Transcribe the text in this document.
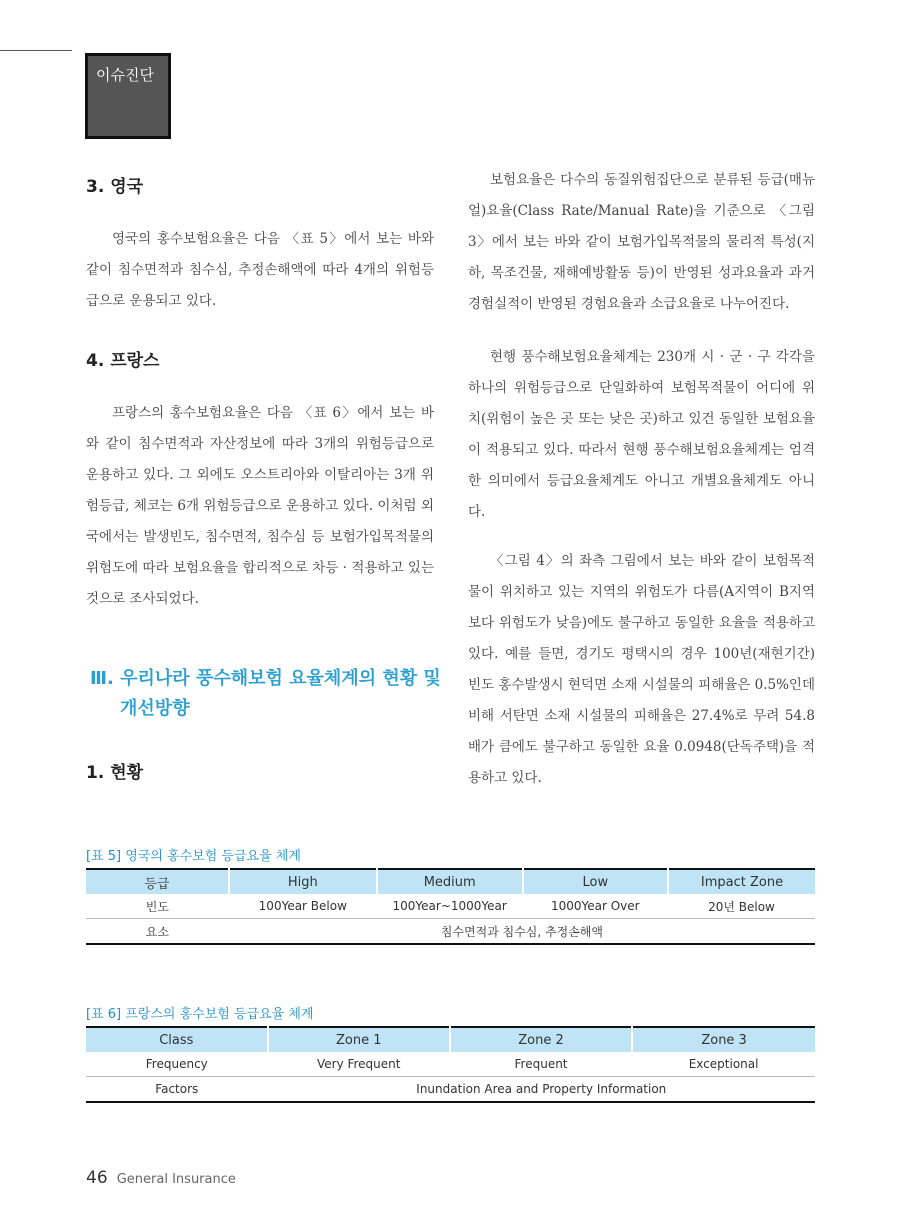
이슈진단
3. 영국
영국의 홍수보험요율은 다음 〈표 5〉에서 보는 바와 같이 침수면적과 침수심, 추정손해액에 따라 4개의 위험등급으로 운용되고 있다.
4. 프랑스
프랑스의 홍수보험요율은 다음 〈표 6〉에서 보는 바와 같이 침수면적과 자산정보에 따라 3개의 위험등급으로 운용하고 있다. 그 외에도 오스트리아와 이탈리아는 3개 위험등급, 체코는 6개 위험등급으로 운용하고 있다. 이처럼 외국에서는 발생빈도, 침수면적, 침수심 등 보험가입목적물의 위험도에 따라 보험요율을 합리적으로 차등 · 적용하고 있는 것으로 조사되었다.
Ⅲ. 우리나라 풍수해보험 요율체계의 현황 및
개선방향
1. 현황
보험요율은 다수의 동질위험집단으로 분류된 등급(매뉴얼)요율(Class Rate/Manual Rate)을 기준으로 〈그림 3〉에서 보는 바와 같이 보험가입목적물의 물리적 특성(지하, 목조건물, 재해예방활동 등)이 반영된 성과요율과 과거 경험실적이 반영된 경험요율과 소급요율로 나누어진다.
현행 풍수해보험요율체계는 230개 시 · 군 · 구 각각을 하나의 위험등급으로 단일화하여 보험목적물이 어디에 위치(위험이 높은 곳 또는 낮은 곳)하고 있건 동일한 보험요율이 적용되고 있다. 따라서 현행 풍수해보험요율체계는 엄격한 의미에서 등급요율체계도 아니고 개별요율체계도 아니다.
〈그림 4〉의 좌측 그림에서 보는 바와 같이 보험목적물이 위치하고 있는 지역의 위험도가 다름(A지역이 B지역보다 위험도가 낮음)에도 불구하고 동일한 요율을 적용하고 있다. 예를 들면, 경기도 평택시의 경우 100년(재현기간) 빈도 홍수발생시 현덕면 소재 시설물의 피해율은 0.5%인데 비해 서탄면 소재 시설물의 피해율은 27.4%로 무려 54.8배가 큼에도 불구하고 동일한 요율 0.0948(단독주택)을 적용하고 있다.
[표 5] 영국의 홍수보험 등급요율 체계
등급	High	Medium	Low	Impact Zone
빈도	100Year Below	100Year~1000Year	1000Year Over	20년 Below
요소	침수면적과 침수심, 추정손해액			
[표 6] 프랑스의 홍수보험 등급요율 체계
Class	Zone 1	Zone 2	Zone 3
Frequency	Very Frequent	Frequent	Exceptional
Factors	Inundation Area and Property Information		
46 General Insurance
